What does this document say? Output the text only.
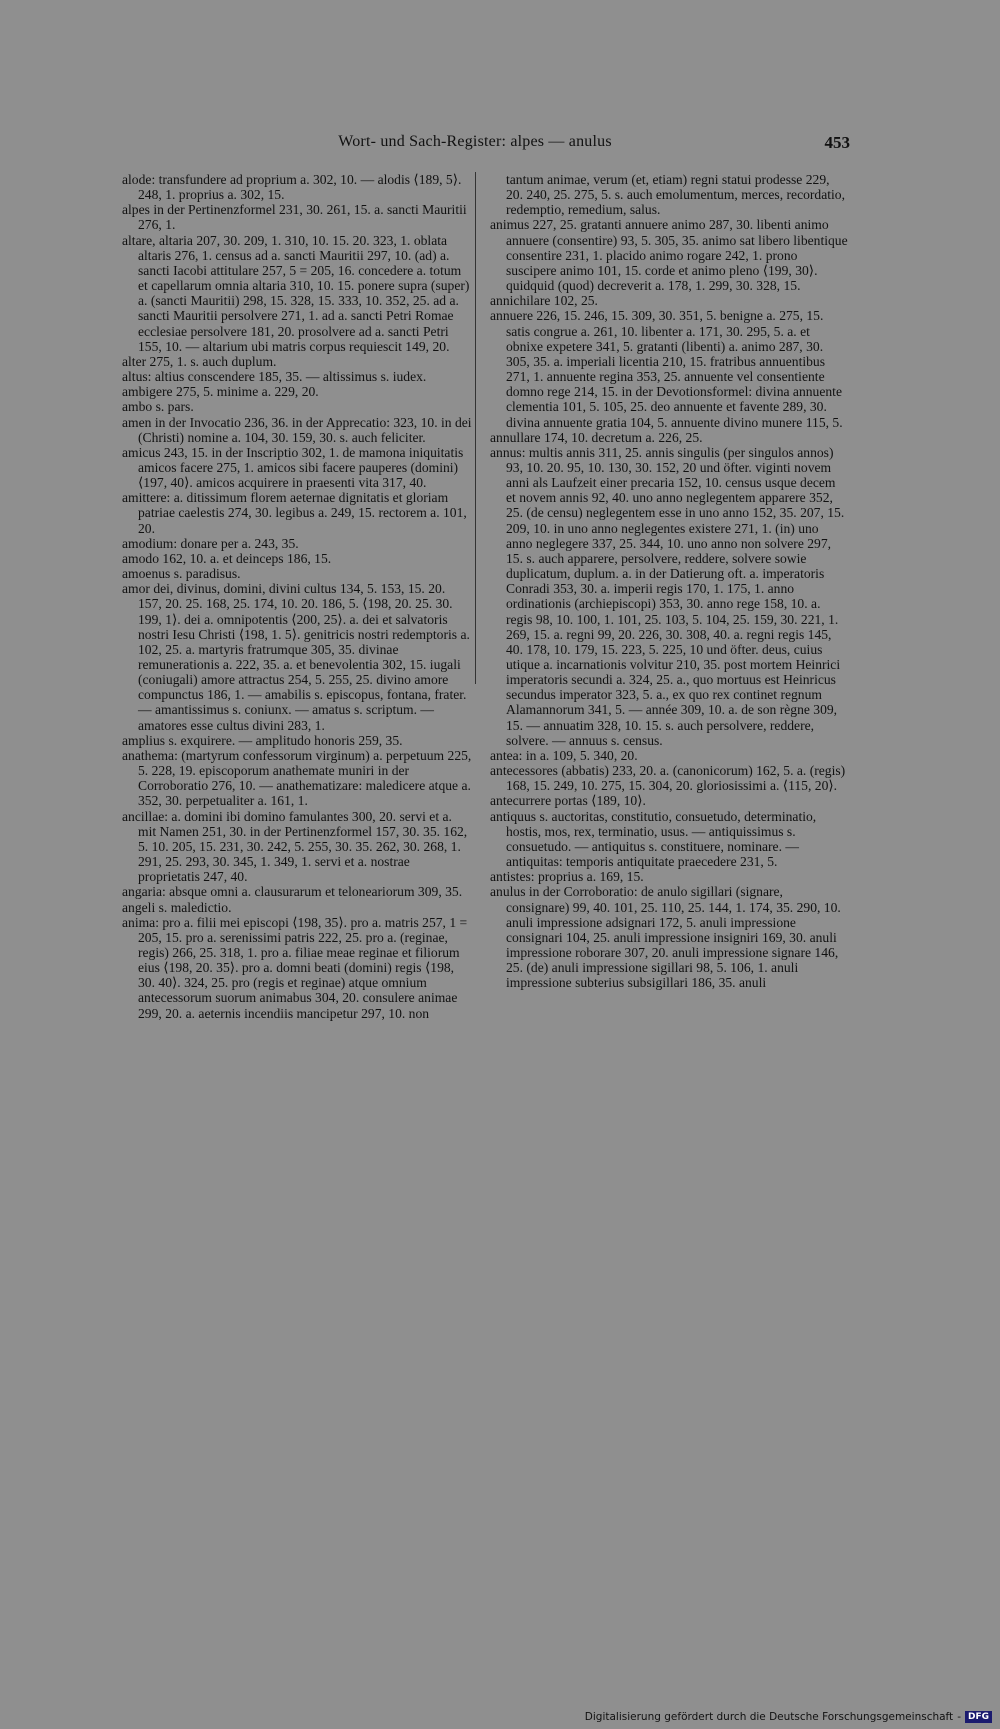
Wort- und Sach-Register: alpes — anulus	453

alode: transfundere ad proprium a. 302, 10. — alodis ⟨189, 5⟩. 248, 1. proprius a. 302, 15.

alpes in der Pertinenzformel 231, 30. 261, 15. a. sancti Mauritii 276, 1.

altare, altaria 207, 30. 209, 1. 310, 10. 15. 20. 323, 1. oblata altaris 276, 1. census ad a. sancti Mauritii 297, 10. (ad) a. sancti Iacobi attitulare 257, 5 = 205, 16. concedere a. totum et capellarum omnia altaria 310, 10. 15. ponere supra (super) a. (sancti Mauritii) 298, 15. 328, 15. 333, 10. 352, 25. ad a. sancti Mauritii persolvere 271, 1. ad a. sancti Petri Romae ecclesiae persolvere 181, 20. prosolvere ad a. sancti Petri 155, 10. — altarium ubi matris corpus requiescit 149, 20.

alter 275, 1. s. auch duplum.

altus: altius conscendere 185, 35. — altissimus s. iudex.

ambigere 275, 5. minime a. 229, 20.

ambo s. pars.

amen in der Invocatio 236, 36. in der Apprecatio: 323, 10. in dei (Christi) nomine a. 104, 30. 159, 30. s. auch feliciter.

amicus 243, 15. in der Inscriptio 302, 1. de mamona iniquitatis amicos facere 275, 1. amicos sibi facere pauperes (domini) ⟨197, 40⟩. amicos acquirere in praesenti vita 317, 40.

amittere: a. ditissimum florem aeternae dignitatis et gloriam patriae caelestis 274, 30. legibus a. 249, 15. rectorem a. 101, 20.

amodium: donare per a. 243, 35.

amodo 162, 10. a. et deinceps 186, 15.

amoenus s. paradisus.

amor dei, divinus, domini, divini cultus 134, 5. 153, 15. 20. 157, 20. 25. 168, 25. 174, 10. 20. 186, 5. ⟨198, 20. 25. 30. 199, 1⟩. dei a. omnipotentis ⟨200, 25⟩. a. dei et salvatoris nostri Iesu Christi ⟨198, 1. 5⟩. genitricis nostri redemptoris a. 102, 25. a. martyris fratrumque 305, 35. divinae remunerationis a. 222, 35. a. et benevolentia 302, 15. iugali (coniugali) amore attractus 254, 5. 255, 25. divino amore compunctus 186, 1. — amabilis s. episcopus, fontana, frater. — amantissimus s. coniunx. — amatus s. scriptum. — amatores esse cultus divini 283, 1.

amplius s. exquirere. — amplitudo honoris 259, 35.

anathema: (martyrum confessorum virginum) a. perpetuum 225, 5. 228, 19. episcoporum anathemate muniri in der Corroboratio 276, 10. — anathematizare: maledicere atque a. 352, 30. perpetualiter a. 161, 1.

ancillae: a. domini ibi domino famulantes 300, 20. servi et a. mit Namen 251, 30. in der Pertinenzformel 157, 30. 35. 162, 5. 10. 205, 15. 231, 30. 242, 5. 255, 30. 35. 262, 30. 268, 1. 291, 25. 293, 30. 345, 1. 349, 1. servi et a. nostrae proprietatis 247, 40.

angaria: absque omni a. clausurarum et teloneariorum 309, 35.

angeli s. maledictio.

anima: pro a. filii mei episcopi ⟨198, 35⟩. pro a. matris 257, 1 = 205, 15. pro a. serenissimi patris 222, 25. pro a. (reginae, regis) 266, 25. 318, 1. pro a. filiae meae reginae et filiorum eius ⟨198, 20. 35⟩. pro a. domni beati (domini) regis ⟨198, 30. 40⟩. 324, 25. pro (regis et reginae) atque omnium antecessorum suorum animabus 304, 20. consulere animae 299, 20. a. aeternis incendiis mancipetur 297, 10. non

tantum animae, verum (et, etiam) regni statui prodesse 229, 20. 240, 25. 275, 5. s. auch emolumentum, merces, recordatio, redemptio, remedium, salus.

animus 227, 25. gratanti annuere animo 287, 30. libenti animo annuere (consentire) 93, 5. 305, 35. animo sat libero libentique consentire 231, 1. placido animo rogare 242, 1. prono suscipere animo 101, 15. corde et animo pleno ⟨199, 30⟩. quidquid (quod) decreverit a. 178, 1. 299, 30. 328, 15.

annichilare 102, 25.

annuere 226, 15. 246, 15. 309, 30. 351, 5. benigne a. 275, 15. satis congrue a. 261, 10. libenter a. 171, 30. 295, 5. a. et obnixe expetere 341, 5. gratanti (libenti) a. animo 287, 30. 305, 35. a. imperiali licentia 210, 15. fratribus annuentibus 271, 1. annuente regina 353, 25. annuente vel consentiente domno rege 214, 15. in der Devotionsformel: divina annuente clementia 101, 5. 105, 25. deo annuente et favente 289, 30. divina annuente gratia 104, 5. annuente divino munere 115, 5.

annullare 174, 10. decretum a. 226, 25.

annus: multis annis 311, 25. annis singulis (per singulos annos) 93, 10. 20. 95, 10. 130, 30. 152, 20 und öfter. viginti novem anni als Laufzeit einer precaria 152, 10. census usque decem et novem annis 92, 40. uno anno neglegentem apparere 352, 25. (de censu) neglegentem esse in uno anno 152, 35. 207, 15. 209, 10. in uno anno neglegentes existere 271, 1. (in) uno anno neglegere 337, 25. 344, 10. uno anno non solvere 297, 15. s. auch apparere, persolvere, reddere, solvere sowie duplicatum, duplum. a. in der Datierung oft. a. imperatoris Conradi 353, 30. a. imperii regis 170, 1. 175, 1. anno ordinationis (archiepiscopi) 353, 30. anno rege 158, 10. a. regis 98, 10. 100, 1. 101, 25. 103, 5. 104, 25. 159, 30. 221, 1. 269, 15. a. regni 99, 20. 226, 30. 308, 40. a. regni regis 145, 40. 178, 10. 179, 15. 223, 5. 225, 10 und öfter. deus, cuius utique a. incarnationis volvitur 210, 35. post mortem Heinrici imperatoris secundi a. 324, 25. a., quo mortuus est Heinricus secundus imperator 323, 5. a., ex quo rex continet regnum Alamannorum 341, 5. — année 309, 10. a. de son règne 309, 15. — annuatim 328, 10. 15. s. auch persolvere, reddere, solvere. — annuus s. census.

antea: in a. 109, 5. 340, 20.

antecessores (abbatis) 233, 20. a. (canonicorum) 162, 5. a. (regis) 168, 15. 249, 10. 275, 15. 304, 20. gloriosissimi a. ⟨115, 20⟩.

antecurrere portas ⟨189, 10⟩.

antiquus s. auctoritas, constitutio, consuetudo, determinatio, hostis, mos, rex, terminatio, usus. — antiquissimus s. consuetudo. — antiquitus s. constituere, nominare. — antiquitas: temporis antiquitate praecedere 231, 5.

antistes: proprius a. 169, 15.

anulus in der Corroboratio: de anulo sigillari (signare, consignare) 99, 40. 101, 25. 110, 25. 144, 1. 174, 35. 290, 10. anuli impressione adsignari 172, 5. anuli impressione consignari 104, 25. anuli impressione insigniri 169, 30. anuli impressione roborare 307, 20. anuli impressione signare 146, 25. (de) anuli impressione sigillari 98, 5. 106, 1. anuli impressione subterius subsigillari 186, 35. anuli

Digitalisierung gefördert durch die Deutsche Forschungsgemeinschaft - DFG
